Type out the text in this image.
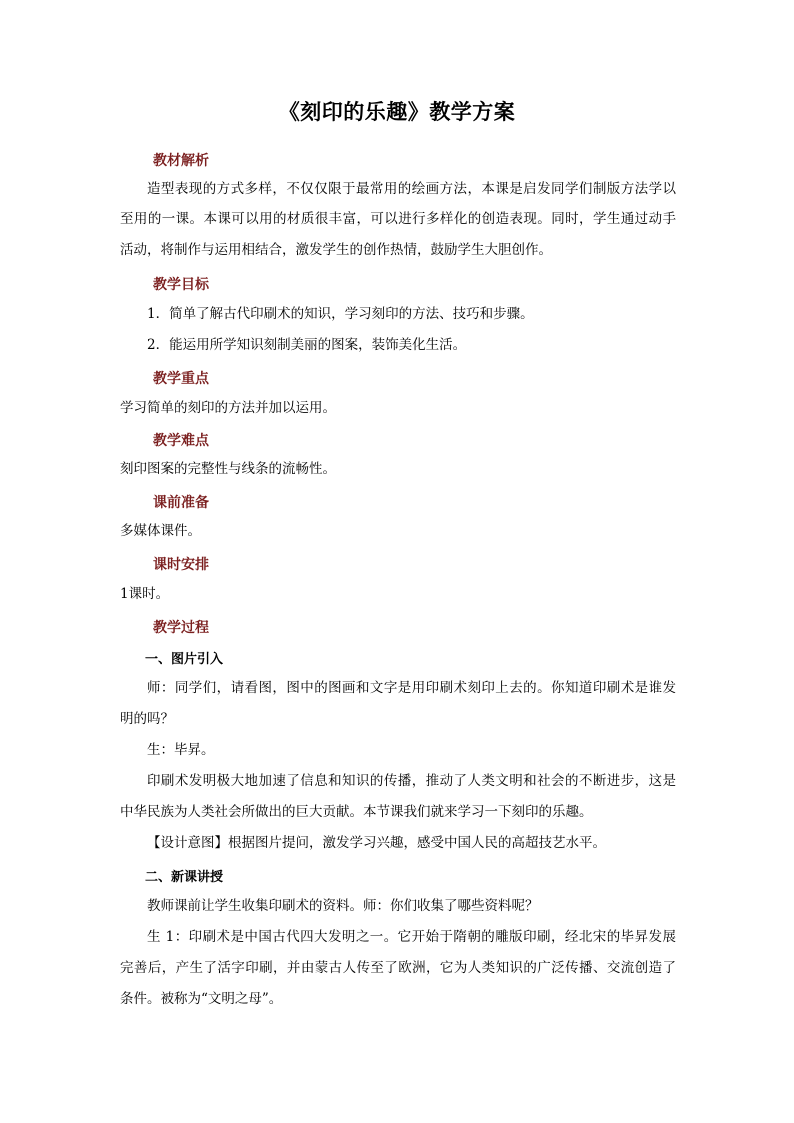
《刻印的乐趣》教学方案
教材解析
造型表现的方式多样，不仅仅限于最常用的绘画方法，本课是启发同学们制版方法学以
至用的一课。本课可以用的材质很丰富，可以进行多样化的创造表现。同时，学生通过动手
活动，将制作与运用相结合，激发学生的创作热情，鼓励学生大胆创作。
教学目标
1．简单了解古代印刷术的知识，学习刻印的方法、技巧和步骤。
2．能运用所学知识刻制美丽的图案，装饰美化生活。
教学重点
学习简单的刻印的方法并加以运用。
教学难点
刻印图案的完整性与线条的流畅性。
课前准备
多媒体课件。
课时安排
1课时。
教学过程
一、图片引入
师：同学们，请看图，图中的图画和文字是用印刷术刻印上去的。你知道印刷术是谁发
明的吗？
生：毕昇。
印刷术发明极大地加速了信息和知识的传播，推动了人类文明和社会的不断进步，这是
中华民族为人类社会所做出的巨大贡献。本节课我们就来学习一下刻印的乐趣。
【设计意图】根据图片提问，激发学习兴趣，感受中国人民的高超技艺水平。
二、新课讲授
教师课前让学生收集印刷术的资料。师：你们收集了哪些资料呢？
生 1：印刷术是中国古代四大发明之一。它开始于隋朝的雕版印刷，经北宋的毕昇发展
完善后，产生了活字印刷，并由蒙古人传至了欧洲，它为人类知识的广泛传播、交流创造了
条件。被称为“文明之母”。
